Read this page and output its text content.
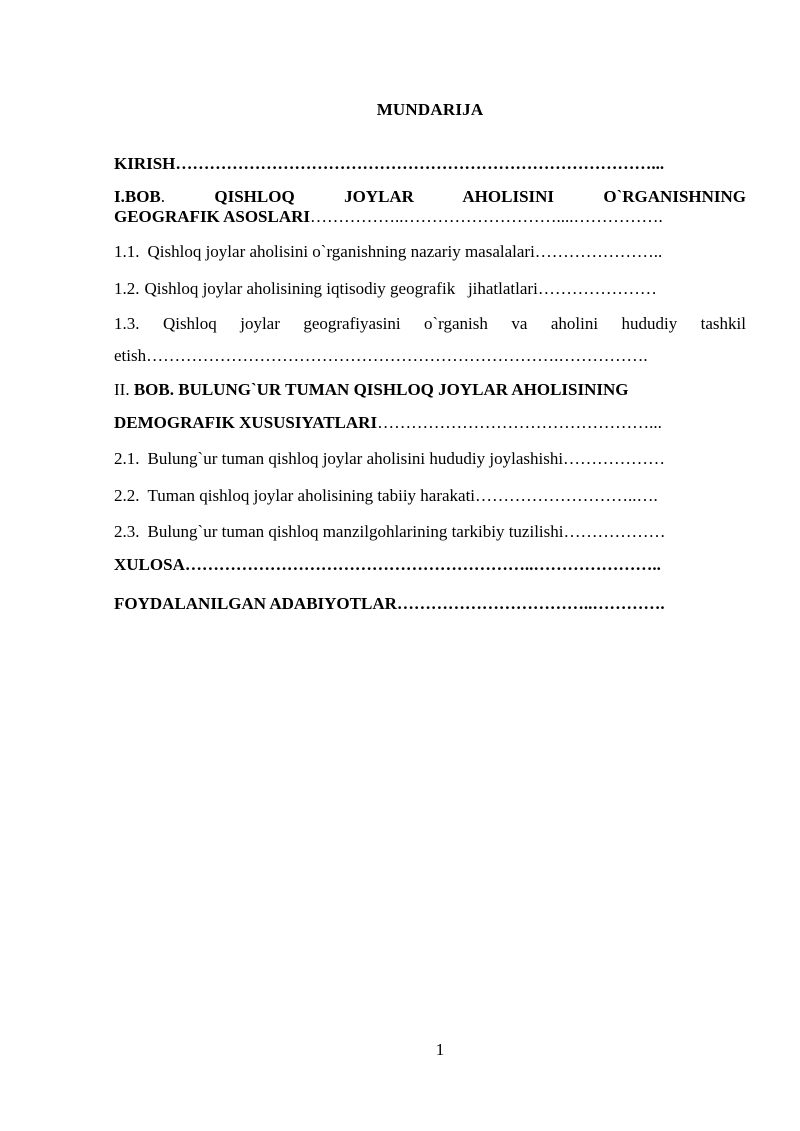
MUNDARIJA
KIRISH…………………………………………………………………………...
I.BOB.	QISHLOQ	JOYLAR	AHOLISINI	O`RGANISHNING
GEOGRAFIK ASOSLARI……………..………………………....…………….
1.1. Qishloq joylar aholisini o`rganishning nazariy masalalari…………………..
1.2. Qishloq joylar aholisining iqtisodiy geografik   jihatlatlari…………………
1.3. Qishloq joylar geografiyasini o`rganish va aholini hududiy tashkil
etish……………………………………………………………….…………….
II. BOB. BULUNG`UR TUMAN QISHLOQ JOYLAR AHOLISINING
DEMOGRAFIK XUSUSIYATLARI…………………………………………...
2.1. Bulung`ur tuman qishloq joylar aholisini hududiy joylashishi………………
2.2. Tuman qishloq joylar aholisining tabiiy harakati………………………..….
2.3. Bulung`ur tuman qishloq manzilgohlarining tarkibiy tuzilishi………………
XULOSA……………………………………………………..…………………..
FOYDALANILGAN ADABIYOTLAR……………………………..………….
1
